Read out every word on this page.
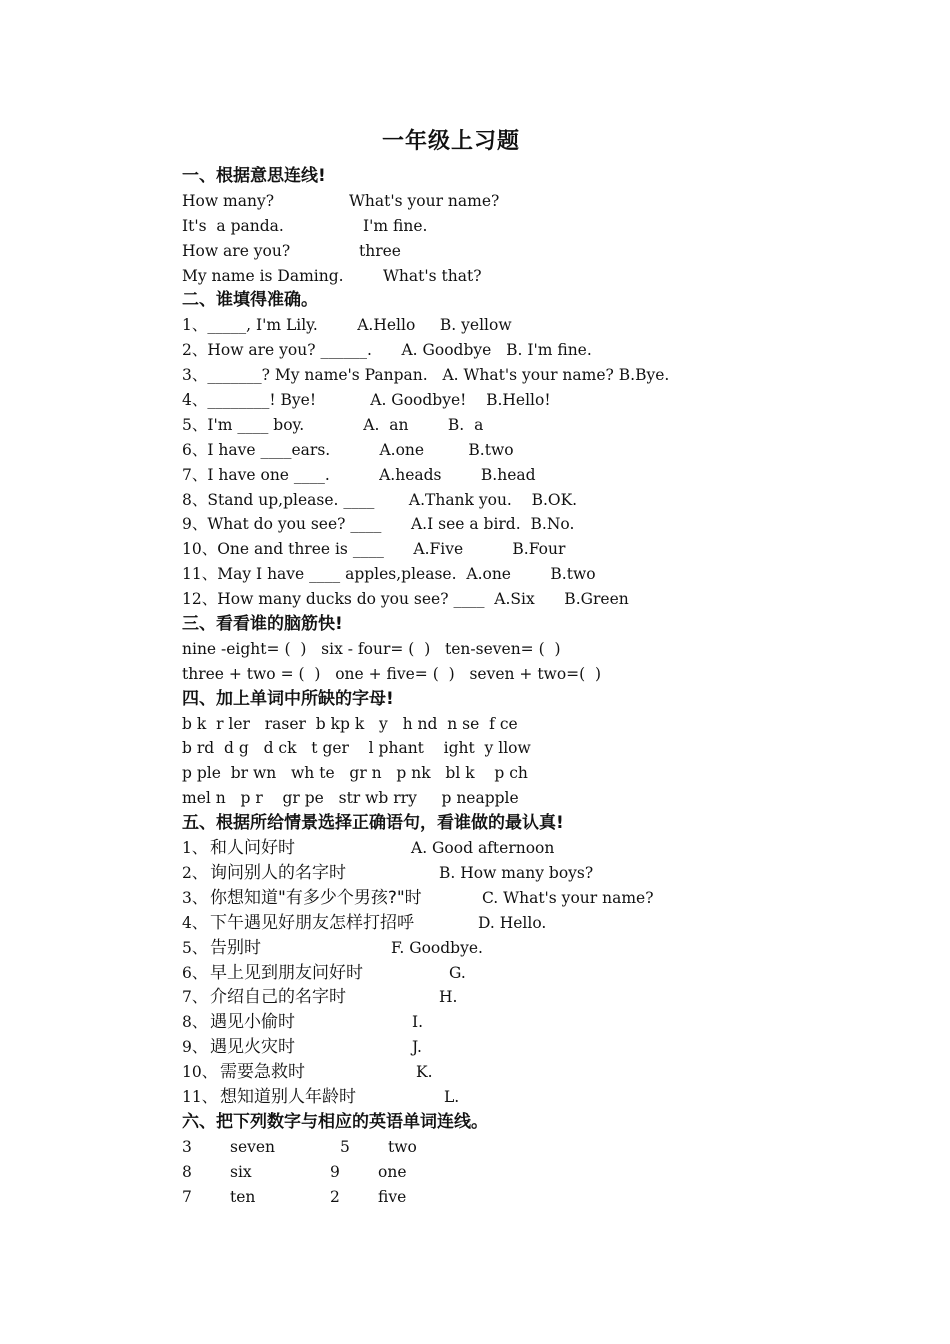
一年级上习题
一、根据意思连线!
How many?	What's your name?
It's  a panda.	I'm fine.
How are you?	three
My name is Daming.	What's that?
二、谁填得准确。
1、_____, I'm Lily.        A.Hello     B. yellow
2、How are you? ______.      A. Goodbye   B. I'm fine.
3、_______? My name's Panpan.   A. What's your name? B.Bye.
4、________! Bye!           A. Goodbye!    B.Hello!
5、I'm ____ boy.            A.  an        B.  a
6、I have ____ears.          A.one         B.two
7、I have one ____.          A.heads        B.head
8、Stand up,please. ____       A.Thank you.    B.OK.
9、What do you see? ____      A.I see a bird.  B.No.
10、One and three is ____      A.Five          B.Four
11、May I have ____ apples,please.  A.one        B.two
12、How many ducks do you see? ____  A.Six      B.Green
三、看看谁的脑筋快!
nine -eight= (  )   six - four= (  )   ten-seven= (  )
three + two = (  )   one + five= (  )   seven + two=(  )
四、加上单词中所缺的字母!
b k  r ler   raser  b kp k   y   h nd  n se  f ce
b rd  d g   d ck   t ger    l phant    ight  y llow
p ple  br wn   wh te   gr n   p nk   bl k    p ch
mel n   p r    gr pe   str wb rry     p neapple
五、根据所给情景选择正确语句，看谁做的最认真!
1、 和人问好时	A. Good afternoon
2、 询问别人的名字时	B. How many boys?
3、 你想知道"有多少个男孩?"时	C. What's your name?
4、 下午遇见好朋友怎样打招呼	D. Hello.
5、 告别时	F. Goodbye.
6、 早上见到朋友问好时	G.
7、 介绍自己的名字时	H.
8、 遇见小偷时	I.
9、 遇见火灾时	J.
10、 需要急救时	K.
11、 想知道别人年龄时	L.
六、把下列数字与相应的英语单词连线。
3 seven	5 two
8 six	9 one
7 ten	2 five
